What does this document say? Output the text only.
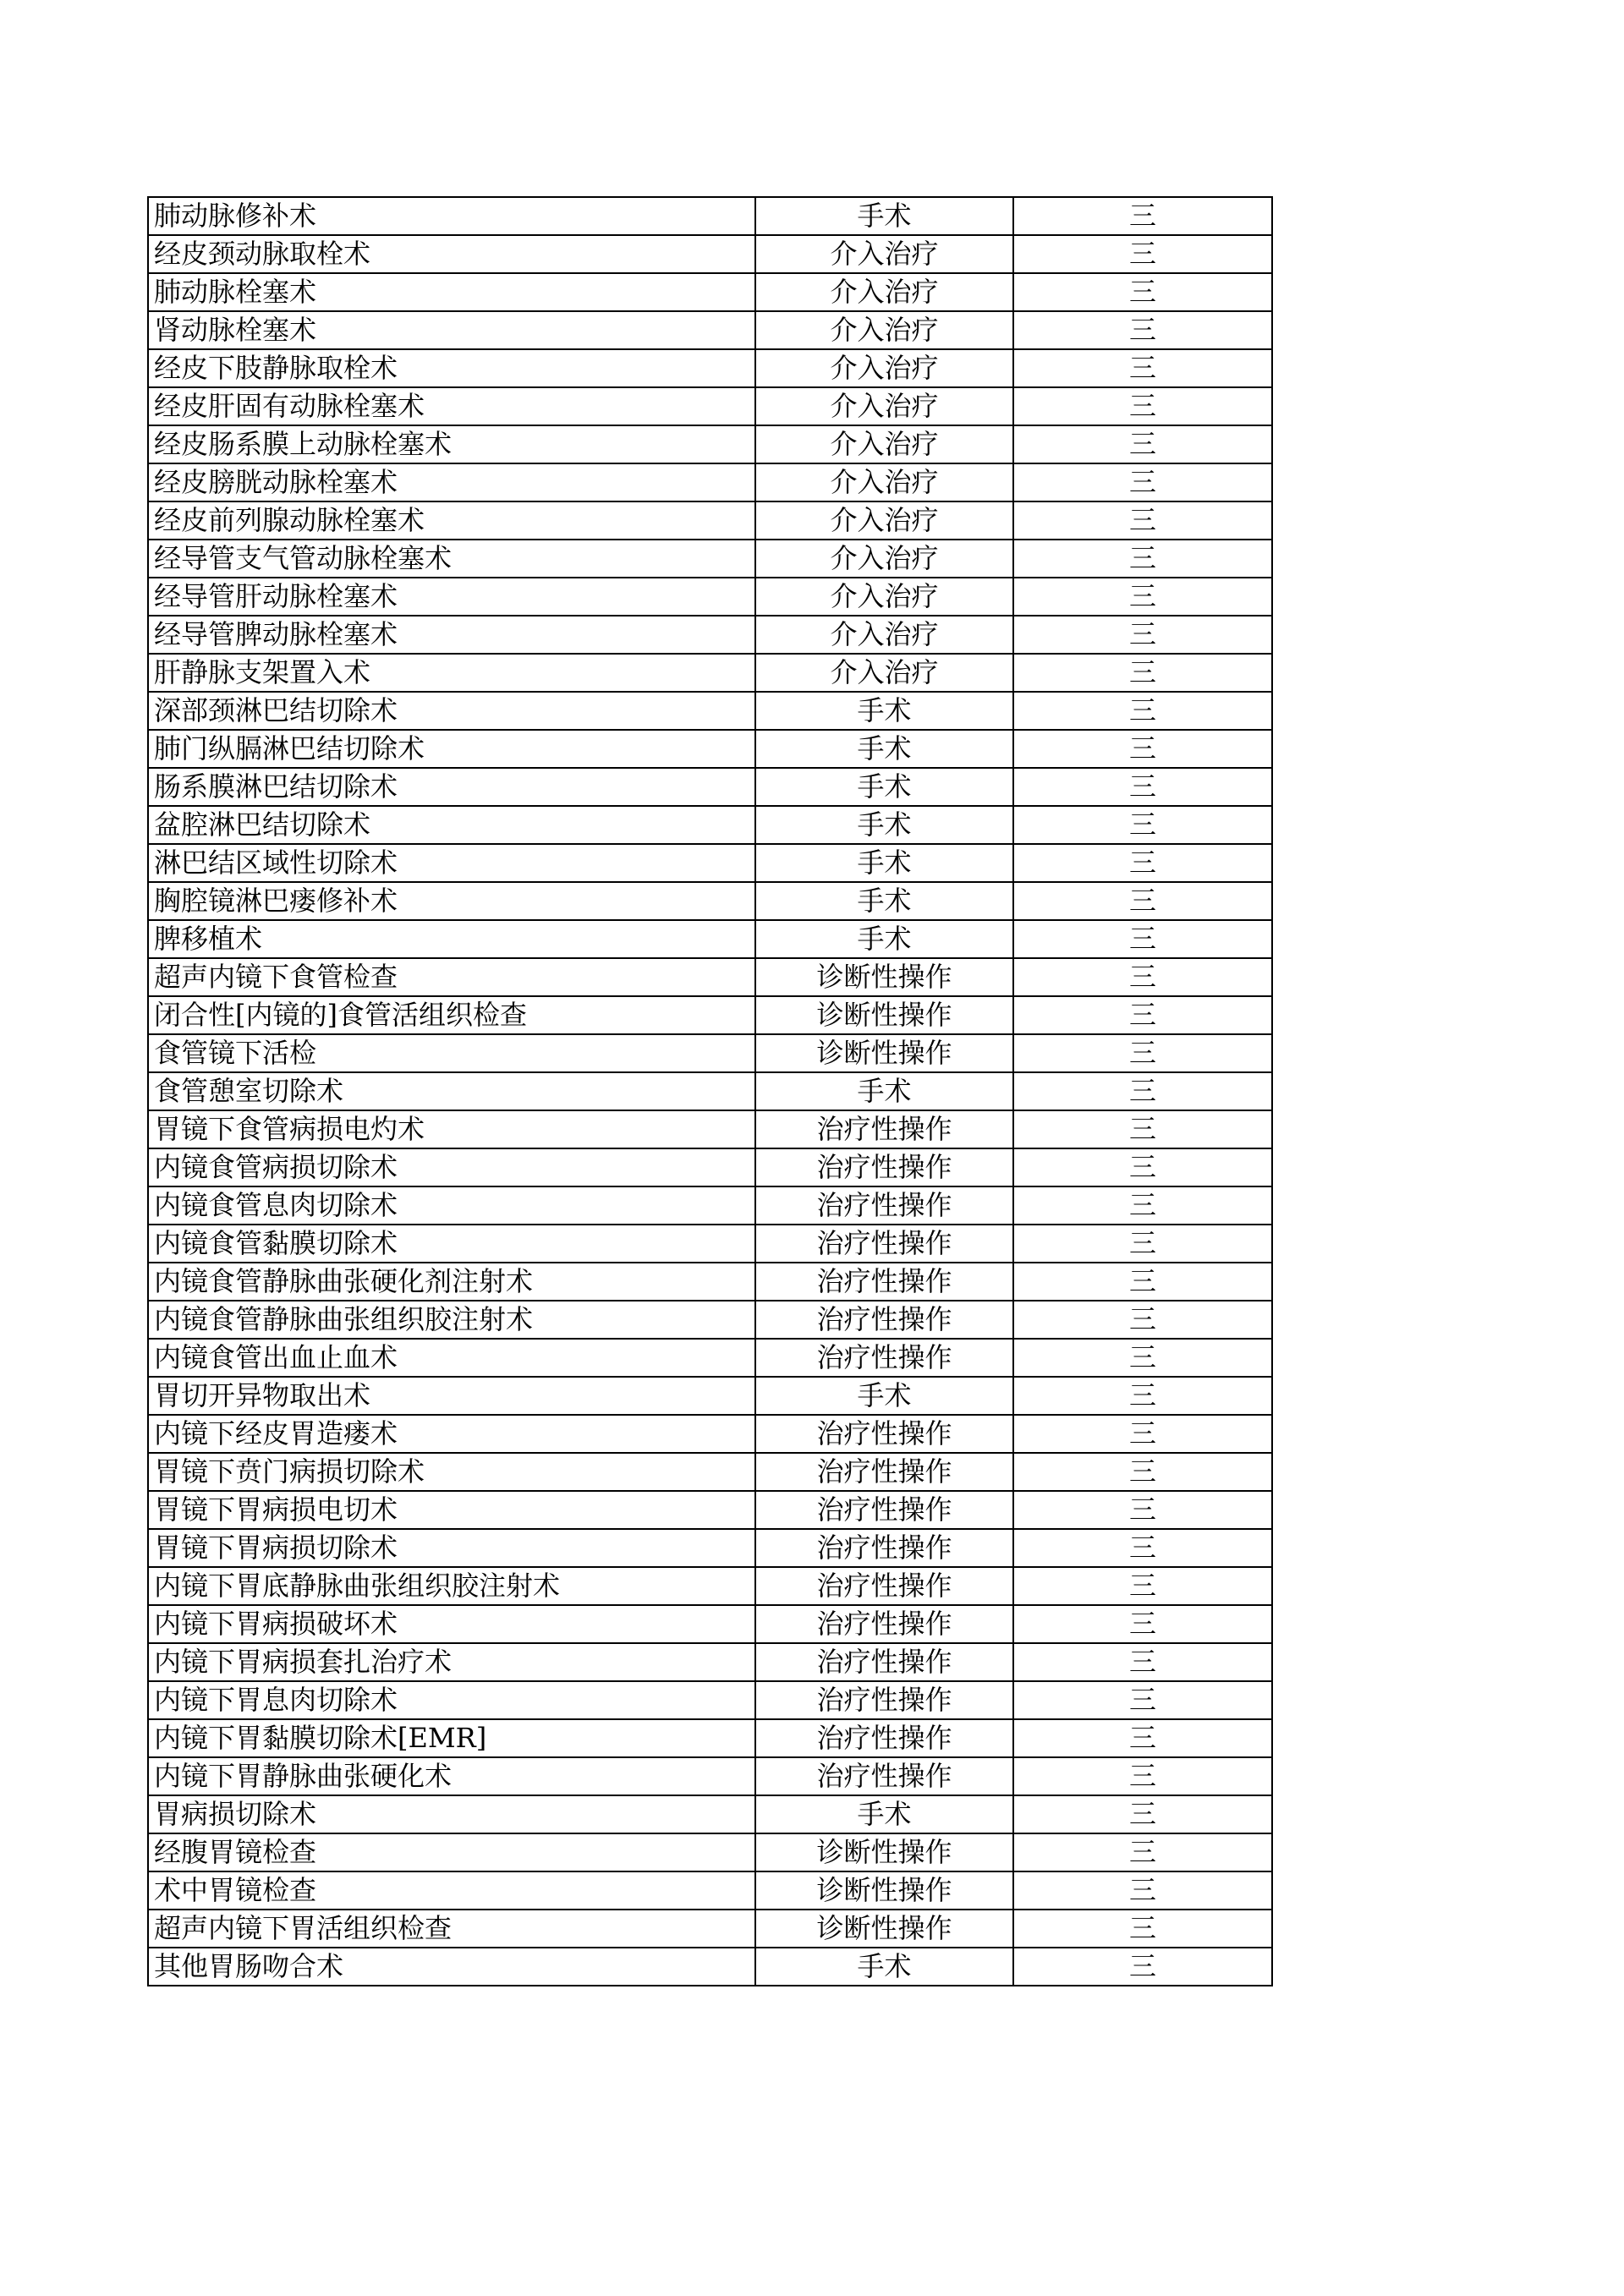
肺动脉修补术	手术	三
经皮颈动脉取栓术	介入治疗	三
肺动脉栓塞术	介入治疗	三
肾动脉栓塞术	介入治疗	三
经皮下肢静脉取栓术	介入治疗	三
经皮肝固有动脉栓塞术	介入治疗	三
经皮肠系膜上动脉栓塞术	介入治疗	三
经皮膀胱动脉栓塞术	介入治疗	三
经皮前列腺动脉栓塞术	介入治疗	三
经导管支气管动脉栓塞术	介入治疗	三
经导管肝动脉栓塞术	介入治疗	三
经导管脾动脉栓塞术	介入治疗	三
肝静脉支架置入术	介入治疗	三
深部颈淋巴结切除术	手术	三
肺门纵膈淋巴结切除术	手术	三
肠系膜淋巴结切除术	手术	三
盆腔淋巴结切除术	手术	三
淋巴结区域性切除术	手术	三
胸腔镜淋巴瘘修补术	手术	三
脾移植术	手术	三
超声内镜下食管检查	诊断性操作	三
闭合性[内镜的]食管活组织检查	诊断性操作	三
食管镜下活检	诊断性操作	三
食管憩室切除术	手术	三
胃镜下食管病损电灼术	治疗性操作	三
内镜食管病损切除术	治疗性操作	三
内镜食管息肉切除术	治疗性操作	三
内镜食管黏膜切除术	治疗性操作	三
内镜食管静脉曲张硬化剂注射术	治疗性操作	三
内镜食管静脉曲张组织胶注射术	治疗性操作	三
内镜食管出血止血术	治疗性操作	三
胃切开异物取出术	手术	三
内镜下经皮胃造瘘术	治疗性操作	三
胃镜下贲门病损切除术	治疗性操作	三
胃镜下胃病损电切术	治疗性操作	三
胃镜下胃病损切除术	治疗性操作	三
内镜下胃底静脉曲张组织胶注射术	治疗性操作	三
内镜下胃病损破坏术	治疗性操作	三
内镜下胃病损套扎治疗术	治疗性操作	三
内镜下胃息肉切除术	治疗性操作	三
内镜下胃黏膜切除术[EMR]	治疗性操作	三
内镜下胃静脉曲张硬化术	治疗性操作	三
胃病损切除术	手术	三
经腹胃镜检查	诊断性操作	三
术中胃镜检查	诊断性操作	三
超声内镜下胃活组织检查	诊断性操作	三
其他胃肠吻合术	手术	三
